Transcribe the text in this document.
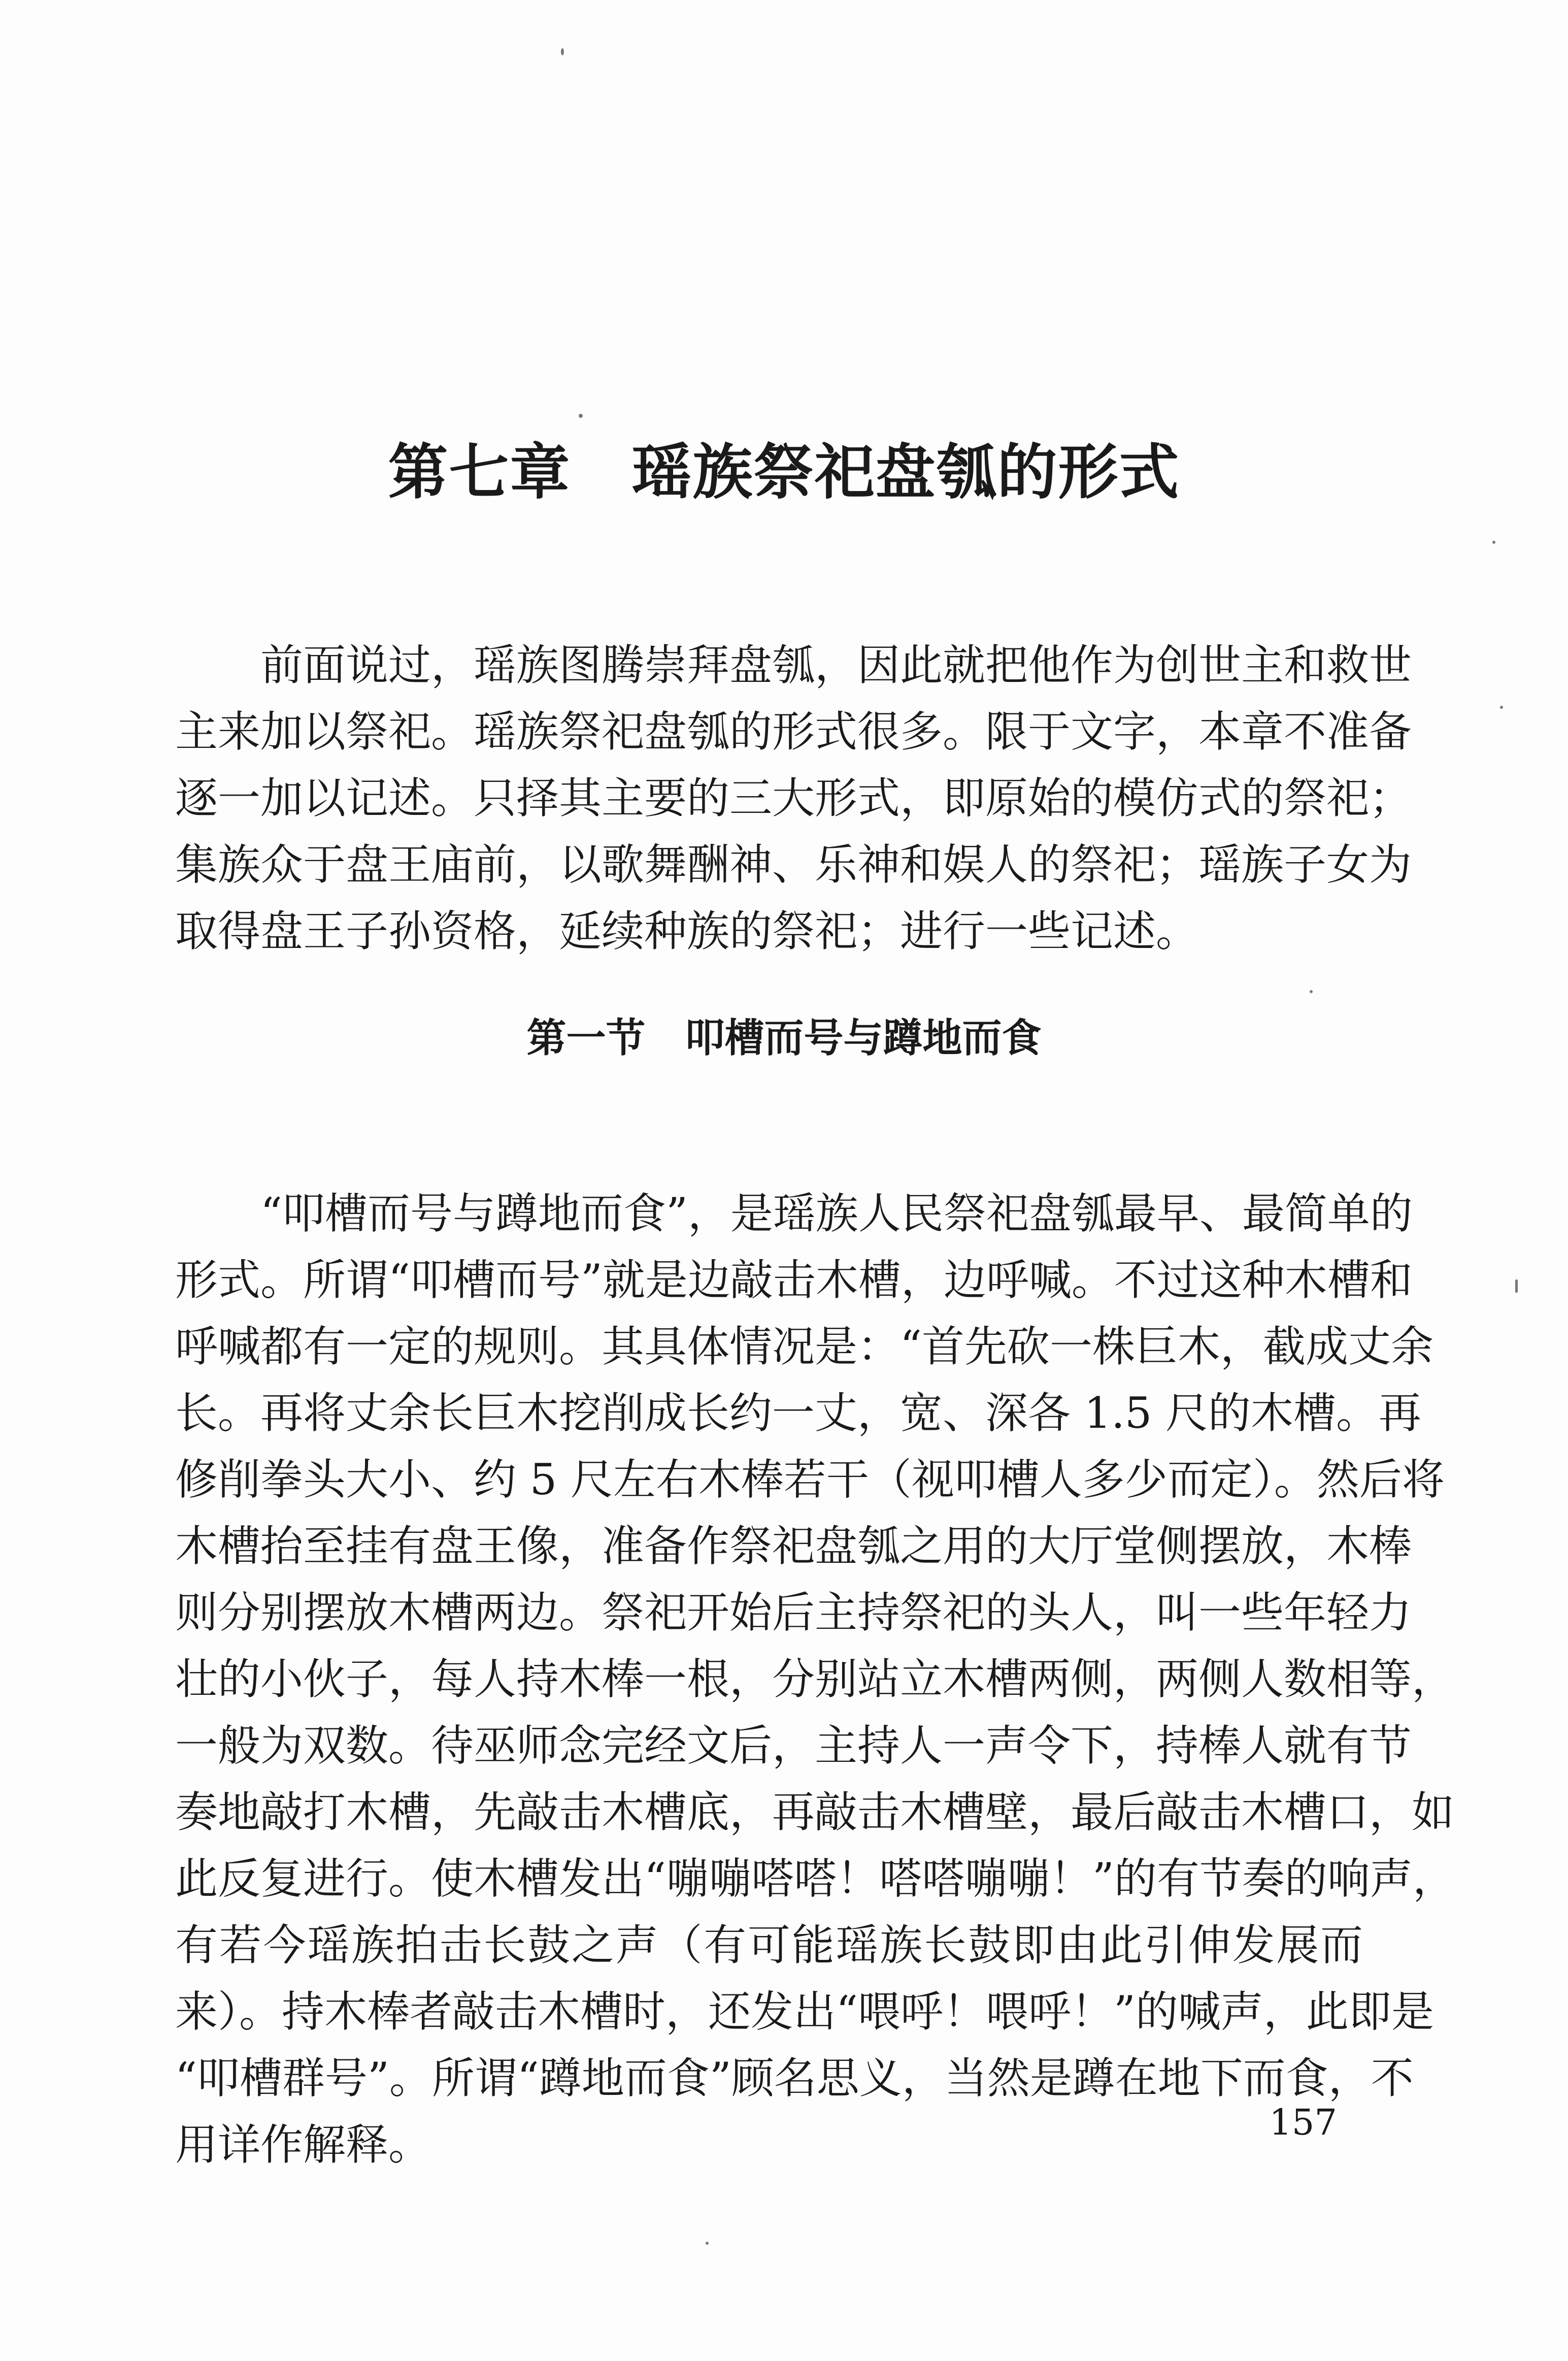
第七章　瑶族祭祀盘瓠的形式
　　前面说过，瑶族图腾崇拜盘瓠，因此就把他作为创世主和救世
主来加以祭祀。瑶族祭祀盘瓠的形式很多。限于文字，本章不准备
逐一加以记述。只择其主要的三大形式，即原始的模仿式的祭祀；
集族众于盘王庙前，以歌舞酬神、乐神和娱人的祭祀；瑶族子女为
取得盘王子孙资格，延续种族的祭祀；进行一些记述。
第一节　叩槽而号与蹲地而食
　　“叩槽而号与蹲地而食”，是瑶族人民祭祀盘瓠最早、最简单的
形式。所谓“叩槽而号”就是边敲击木槽，边呼喊。不过这种木槽和
呼喊都有一定的规则。其具体情况是：“首先砍一株巨木，截成丈余
长。再将丈余长巨木挖削成长约一丈，宽、深各 1.5 尺的木槽。再
修削拳头大小、约 5 尺左右木棒若干（视叩槽人多少而定）。然后将
木槽抬至挂有盘王像，准备作祭祀盘瓠之用的大厅堂侧摆放，木棒
则分别摆放木槽两边。祭祀开始后主持祭祀的头人，叫一些年轻力
壮的小伙子，每人持木棒一根，分别站立木槽两侧，两侧人数相等，
一般为双数。待巫师念完经文后，主持人一声令下，持棒人就有节
奏地敲打木槽，先敲击木槽底，再敲击木槽壁，最后敲击木槽口，如
此反复进行。使木槽发出“嘣嘣嗒嗒！嗒嗒嘣嘣！”的有节奏的响声，
有若今瑶族拍击长鼓之声（有可能瑶族长鼓即由此引伸发展而
来）。持木棒者敲击木槽时，还发出“喂呼！喂呼！”的喊声，此即是
“叩槽群号”。所谓“蹲地而食”顾名思义，当然是蹲在地下而食，不
用详作解释。	157
